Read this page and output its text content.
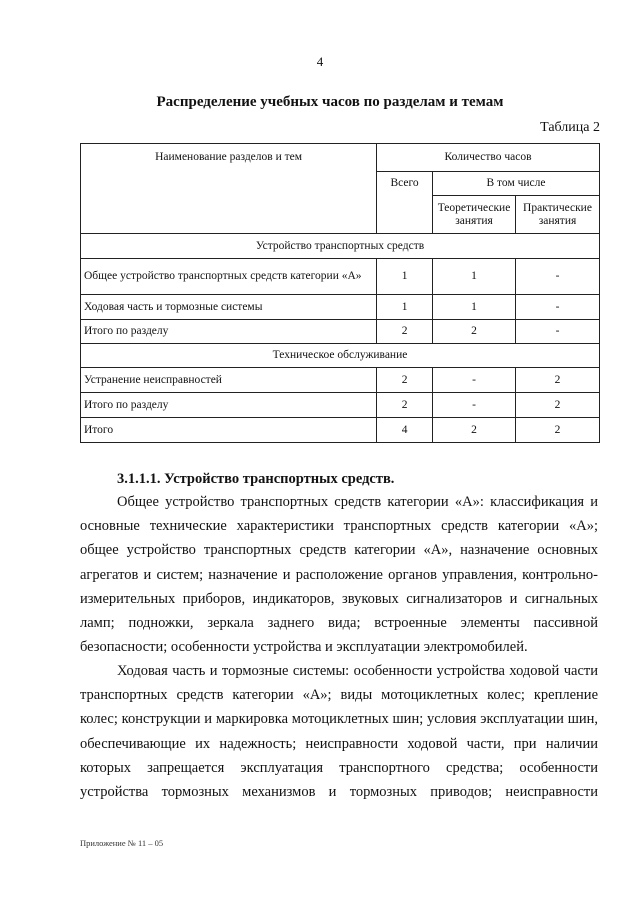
4
Распределение учебных часов по разделам и темам
Таблица 2
Наименование разделов и тем	Количество часов		
	Всего	В том числе	
		Теоретические занятия	Практические занятия
Устройство транспортных средств			
Общее устройство транспортных средств категории «А»	1	1	-
Ходовая часть и тормозные системы	1	1	-
Итого по разделу	2	2	-
Техническое обслуживание			
Устранение неисправностей	2	-	2
Итого по разделу	2	-	2
Итого	4	2	2
3.1.1.1. Устройство транспортных средств.

Общее устройство транспортных средств категории «А»: классификация и основные технические характеристики транспортных средств категории «А»; общее устройство транспортных средств категории «А», назначение основных агрегатов и систем; назначение и расположение органов управления, контрольно-измерительных приборов, индикаторов, звуковых сигнализаторов и сигнальных ламп; подножки, зеркала заднего вида; встроенные элементы пассивной безопасности; особенности устройства и эксплуатации электромобилей.

Ходовая часть и тормозные системы: особенности устройства ходовой части транспортных средств категории «А»; виды мотоциклетных колес; крепление колес; конструкции и маркировка мотоциклетных шин; условия эксплуатации шин, обеспечивающие их надежность; неисправности ходовой части, при наличии которых запрещается эксплуатация транспортного средства; особенности устройства тормозных механизмов и тормозных приводов; неисправности

Приложение № 11 – 05
